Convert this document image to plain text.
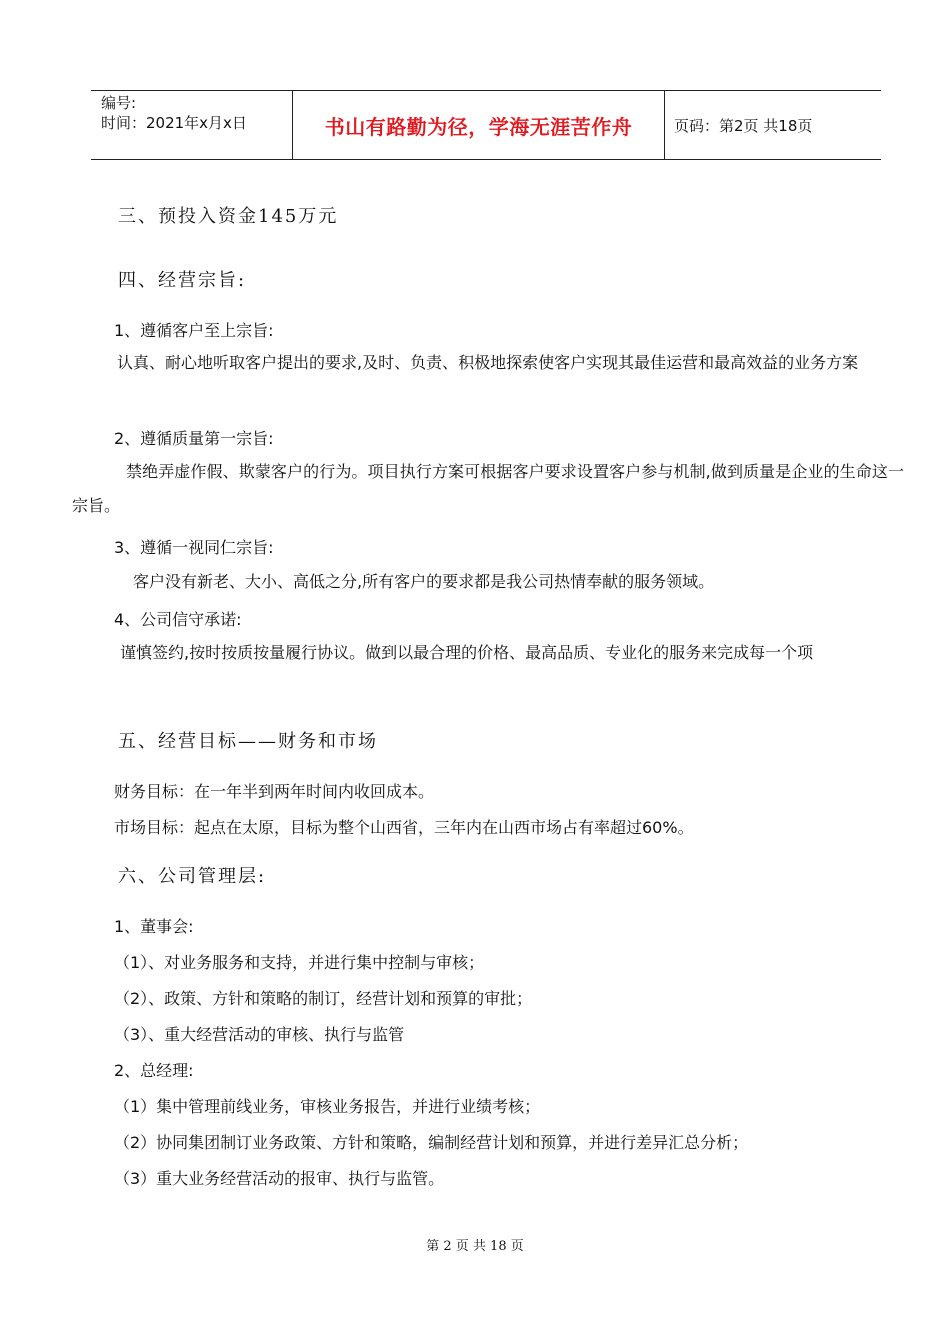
编号:
时间：2021年x月x日	书山有路勤为径，学海无涯苦作舟	页码：第2页 共18页
三、预投入资金145万元
四、经营宗旨:
1、遵循客户至上宗旨:
认真、耐心地听取客户提出的要求,及时、负责、积极地探索使客户实现其最佳运营和最高效益的业务方案
2、遵循质量第一宗旨:
禁绝弄虚作假、欺蒙客户的行为。项目执行方案可根据客户要求设置客户参与机制,做到质量是企业的生命这一宗旨。
3、遵循一视同仁宗旨:
客户没有新老、大小、高低之分,所有客户的要求都是我公司热情奉献的服务领域。
4、公司信守承诺:
谨慎签约,按时按质按量履行协议。做到以最合理的价格、最高品质、专业化的服务来完成每一个项
五、经营目标——财务和市场
财务目标：在一年半到两年时间内收回成本。
市场目标：起点在太原，目标为整个山西省，三年内在山西市场占有率超过60%。
六、公司管理层:
1、董事会:
（1）、对业务服务和支持，并进行集中控制与审核；
（2）、政策、方针和策略的制订，经营计划和预算的审批；
（3）、重大经营活动的审核、执行与监管
2、总经理:
（1）集中管理前线业务，审核业务报告，并进行业绩考核；
（2）协同集团制订业务政策、方针和策略，编制经营计划和预算，并进行差异汇总分析；
（3）重大业务经营活动的报审、执行与监管。
第 2 页 共 18 页
